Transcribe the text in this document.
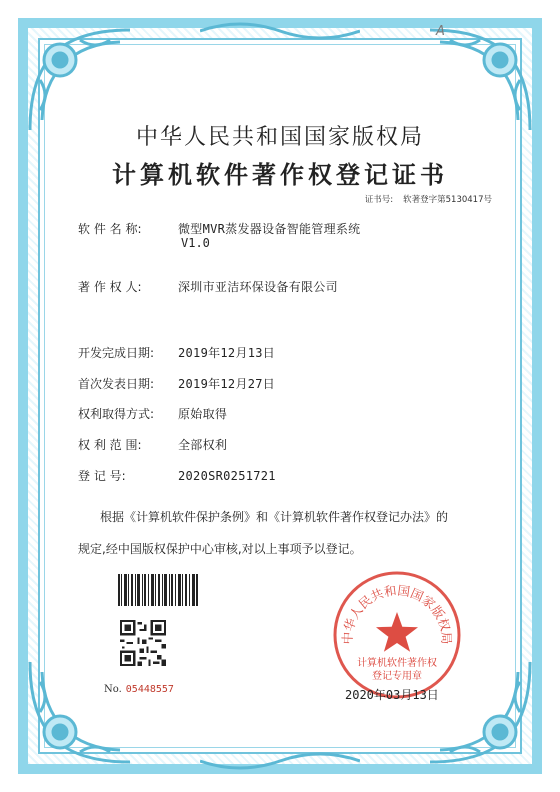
A
中华人民共和国国家版权局
计算机软件著作权登记证书
证书号: 软著登字第5130417号
软 件 名 称:	微型MVR蒸发器设备智能管理系统
V1.0
著 作 权 人:	深圳市亚洁环保设备有限公司
开发完成日期: 2019年12月13日
首次发表日期: 2019年12月27日
权利取得方式: 原始取得
权 利 范 围:	全部权利
登 记 号:	2020SR0251721
根据《计算机软件保护条例》和《计算机软件著作权登记办法》的
规定,经中国版权保护中心审核,对以上事项予以登记。
No. 05448557
中华人民共和国国家版权局
计算机软件著作权
登记专用章
2020年03月13日
